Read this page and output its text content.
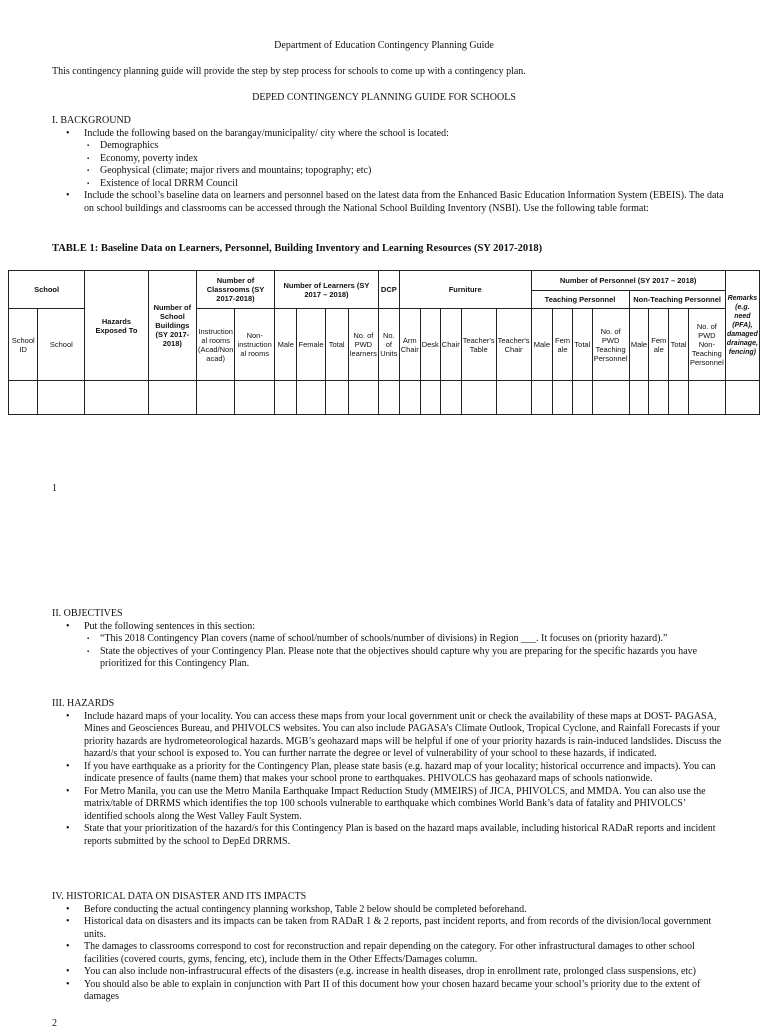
Department of Education Contingency Planning Guide
This contingency planning guide will provide the step by step process for schools to come up with a contingency plan.
DEPED CONTINGENCY PLANNING GUIDE FOR SCHOOLS
I. BACKGROUND
• Include the following based on the barangay/municipality/ city where the school is located:
▪ Demographics
▪ Economy, poverty index
▪ Geophysical (climate; major rivers and mountains; topography; etc)
▪ Existence of local DRRM Council
• Include the school’s baseline data on learners and personnel based on the latest data from the Enhanced Basic Education Information System (EBEIS). The data on school buildings and classrooms can be accessed through the National School Building Inventory (NSBI). Use the following table format:
TABLE 1: Baseline Data on Learners, Personnel, Building Inventory and Learning Resources (SY 2017-2018)
School		Hazards Exposed To	Number of School Buildings (SY 2017-2018)	Number of Classrooms (SY 2017-2018)		Number of Learners (SY 2017 – 2018)				DCP	Furniture					Number of Personnel (SY 2017 – 2018)								Remarks (e.g. need (PFA), damaged drainage, fencing)
																Teaching Personnel				Non-Teaching Personnel				
School ID	School			Instruction al rooms (Acad/Non acad)	Non-instruction al rooms	Male	Female	Total	No. of PWD learners	No. of Units	Arm Chair	Desk	Chair	Teacher's Table	Teacher's Chair	Male	Fem ale	Total	No. of PWD Teaching Personnel	Male	Fem ale	Total	No. of PWD Non-Teaching Personnel	

1
II. OBJECTIVES
• Put the following sentences in this section:
▪ “This 2018 Contingency Plan covers (name of school/number of schools/number of divisions) in Region ___. It focuses on (priority hazard).”
▪ State the objectives of your Contingency Plan. Please note that the objectives should capture why you are preparing for the specific hazards you have prioritized for this Contingency Plan.
III. HAZARDS
• Include hazard maps of your locality. You can access these maps from your local government unit or check the availability of these maps at DOST- PAGASA, Mines and Geosciences Bureau, and PHIVOLCS websites. You can also include PAGASA’s Climate Outlook, Tropical Cyclone, and Rainfall Forecasts if your priority hazards are hydrometeorological hazards. MGB’s geohazard maps will be helpful if one of your priority hazards is rain-induced landslides. Discuss the hazard/s that your school is exposed to. You can further narrate the degree or level of vulnerability of your school to these hazards, if indicated.
• If you have earthquake as a priority for the Contingency Plan, please state basis (e.g. hazard map of your locality; historical occurrence and impacts). You can indicate presence of faults (name them) that makes your school prone to earthquakes. PHIVOLCS has geohazard maps of schools nationwide.
• For Metro Manila, you can use the Metro Manila Earthquake Impact Reduction Study (MMEIRS) of JICA, PHIVOLCS, and MMDA. You can also use the matrix/table of DRRMS which identifies the top 100 schools vulnerable to earthquake which combines World Bank’s data of fatality and PHIVOLCS’ identified schools along the West Valley Fault System.
• State that your prioritization of the hazard/s for this Contingency Plan is based on the hazard maps available, including historical RADaR reports and incident reports submitted by the school to DepEd DRRMS.
IV. HISTORICAL DATA ON DISASTER AND ITS IMPACTS
• Before conducting the actual contingency planning workshop, Table 2 below should be completed beforehand.
• Historical data on disasters and its impacts can be taken from RADaR 1 & 2 reports, past incident reports, and from records of the division/local government units.
• The damages to classrooms correspond to cost for reconstruction and repair depending on the category. For other infrastructural damages to other school facilities (covered courts, gyms, fencing, etc), include them in the Other Effects/Damages column.
• You can also include non-infrastrucural effects of the disasters (e.g. increase in health diseases, drop in enrollment rate, prolonged class suspensions, etc)
• You should also be able to explain in conjunction with Part II of this document how your chosen hazard became your school’s priority due to the extent of damages
2
